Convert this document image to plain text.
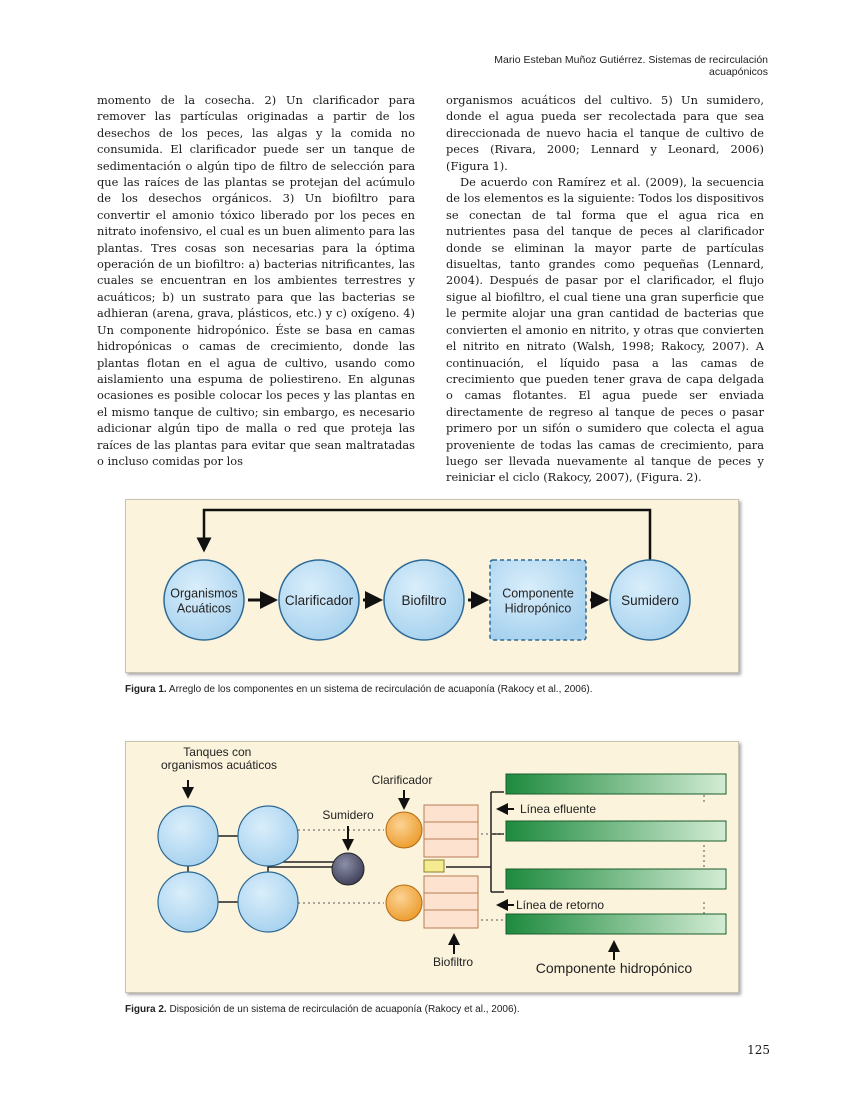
Mario Esteban Muñoz Gutiérrez. Sistemas de recirculación acuapónicos

momento de la cosecha. 2) Un clarificador para remover las partículas originadas a partir de los desechos de los peces, las algas y la comida no consumida. El clarificador puede ser un tanque de sedimentación o algún tipo de filtro de selección para que las raíces de las plantas se protejan del acúmulo de los desechos orgánicos. 3) Un biofiltro para convertir el amonio tóxico liberado por los peces en nitrato inofensivo, el cual es un buen alimento para las plantas. Tres cosas son necesarias para la óptima operación de un biofiltro: a) bacterias nitrificantes, las cuales se encuentran en los ambientes terrestres y acuáticos; b) un sustrato para que las bacterias se adhieran (arena, grava, plásticos, etc.) y c) oxígeno. 4) Un componente hidropónico. Éste se basa en camas hidropónicas o camas de crecimiento, donde las plantas flotan en el agua de cultivo, usando como aislamiento una espuma de poliestireno. En algunas ocasiones es posible colocar los peces y las plantas en el mismo tanque de cultivo; sin embargo, es necesario adicionar algún tipo de malla o red que proteja las raíces de las plantas para evitar que sean maltratadas o incluso comidas por los

organismos acuáticos del cultivo. 5) Un sumidero, donde el agua pueda ser recolectada para que sea direccionada de nuevo hacia el tanque de cultivo de peces (Rivara, 2000; Lennard y Leonard, 2006) (Figura 1).

De acuerdo con Ramírez et al. (2009), la secuencia de los elementos es la siguiente: Todos los dispositivos se conectan de tal forma que el agua rica en nutrientes pasa del tanque de peces al clarificador donde se eliminan la mayor parte de partículas disueltas, tanto grandes como pequeñas (Lennard, 2004). Después de pasar por el clarificador, el flujo sigue al biofiltro, el cual tiene una gran superficie que le permite alojar una gran cantidad de bacterias que convierten el amonio en nitrito, y otras que convierten el nitrito en nitrato (Walsh, 1998; Rakocy, 2007). A continuación, el líquido pasa a las camas de crecimiento que pueden tener grava de capa delgada o camas flotantes. El agua puede ser enviada directamente de regreso al tanque de peces o pasar primero por un sifón o sumidero que colecta el agua proveniente de todas las camas de crecimiento, para luego ser llevada nuevamente al tanque de peces y reiniciar el ciclo (Rakocy, 2007), (Figura. 2).

Organismos Acuáticos
Clarificador	Biofiltro	Componente Hidropónico
Sumidero
Figura 1. Arreglo de los componentes en un sistema de recirculación de acuaponía (Rakocy et al., 2006).
Tanques con organismos acuáticos
Clarificador
Sumidero	Línea efluente
Línea de retorno
Biofiltro	Componente hidropónico
Figura 2. Disposición de un sistema de recirculación de acuaponía (Rakocy et al., 2006).
125
